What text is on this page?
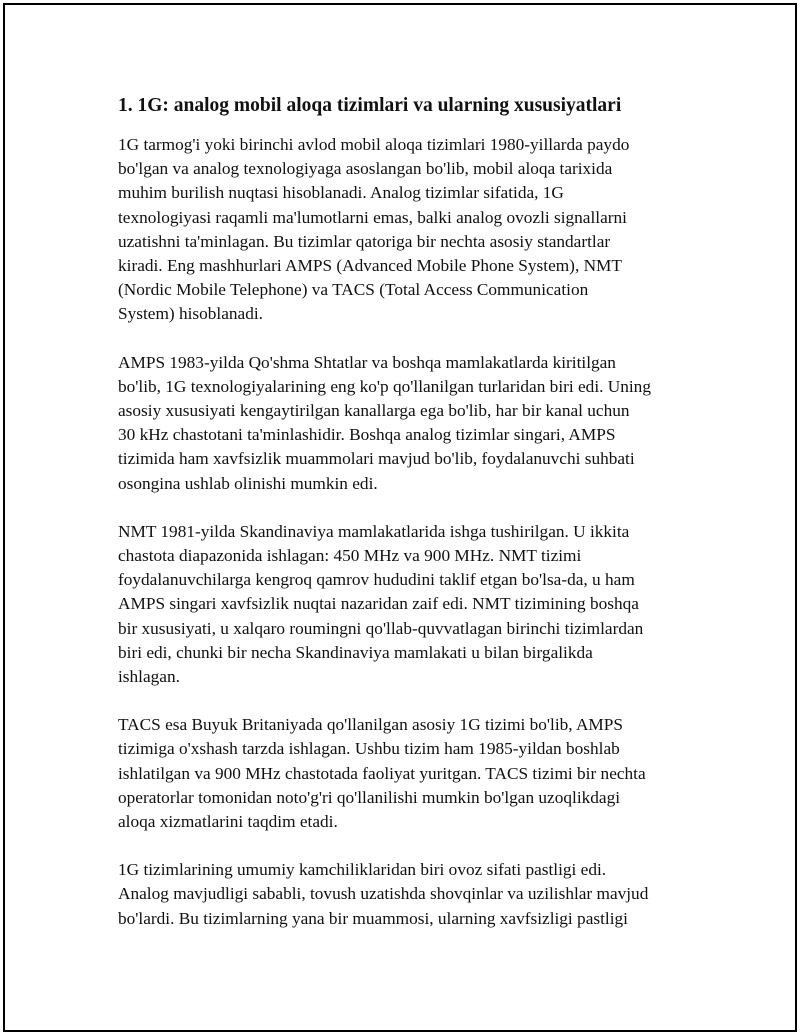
1. 1G: analog mobil aloqa tizimlari va ularning xususiyatlari

1G tarmog'i yoki birinchi avlod mobil aloqa tizimlari 1980-yillarda paydo
bo'lgan va analog texnologiyaga asoslangan bo'lib, mobil aloqa tarixida
muhim burilish nuqtasi hisoblanadi. Analog tizimlar sifatida, 1G
texnologiyasi raqamli ma'lumotlarni emas, balki analog ovozli signallarni
uzatishni ta'minlagan. Bu tizimlar qatoriga bir nechta asosiy standartlar
kiradi. Eng mashhurlari AMPS (Advanced Mobile Phone System), NMT
(Nordic Mobile Telephone) va TACS (Total Access Communication
System) hisoblanadi.

AMPS 1983-yilda Qo'shma Shtatlar va boshqa mamlakatlarda kiritilgan
bo'lib, 1G texnologiyalarining eng ko'p qo'llanilgan turlaridan biri edi. Uning
asosiy xususiyati kengaytirilgan kanallarga ega bo'lib, har bir kanal uchun
30 kHz chastotani ta'minlashidir. Boshqa analog tizimlar singari, AMPS
tizimida ham xavfsizlik muammolari mavjud bo'lib, foydalanuvchi suhbati
osongina ushlab olinishi mumkin edi.

NMT 1981-yilda Skandinaviya mamlakatlarida ishga tushirilgan. U ikkita
chastota diapazonida ishlagan: 450 MHz va 900 MHz. NMT tizimi
foydalanuvchilarga kengroq qamrov hududini taklif etgan bo'lsa-da, u ham
AMPS singari xavfsizlik nuqtai nazaridan zaif edi. NMT tizimining boshqa
bir xususiyati, u xalqaro roumingni qo'llab-quvvatlagan birinchi tizimlardan
biri edi, chunki bir necha Skandinaviya mamlakati u bilan birgalikda
ishlagan.

TACS esa Buyuk Britaniyada qo'llanilgan asosiy 1G tizimi bo'lib, AMPS
tizimiga o'xshash tarzda ishlagan. Ushbu tizim ham 1985-yildan boshlab
ishlatilgan va 900 MHz chastotada faoliyat yuritgan. TACS tizimi bir nechta
operatorlar tomonidan noto'g'ri qo'llanilishi mumkin bo'lgan uzoqlikdagi
aloqa xizmatlarini taqdim etadi.

1G tizimlarining umumiy kamchiliklaridan biri ovoz sifati pastligi edi.
Analog mavjudligi sababli, tovush uzatishda shovqinlar va uzilishlar mavjud
bo'lardi. Bu tizimlarning yana bir muammosi, ularning xavfsizligi pastligi
